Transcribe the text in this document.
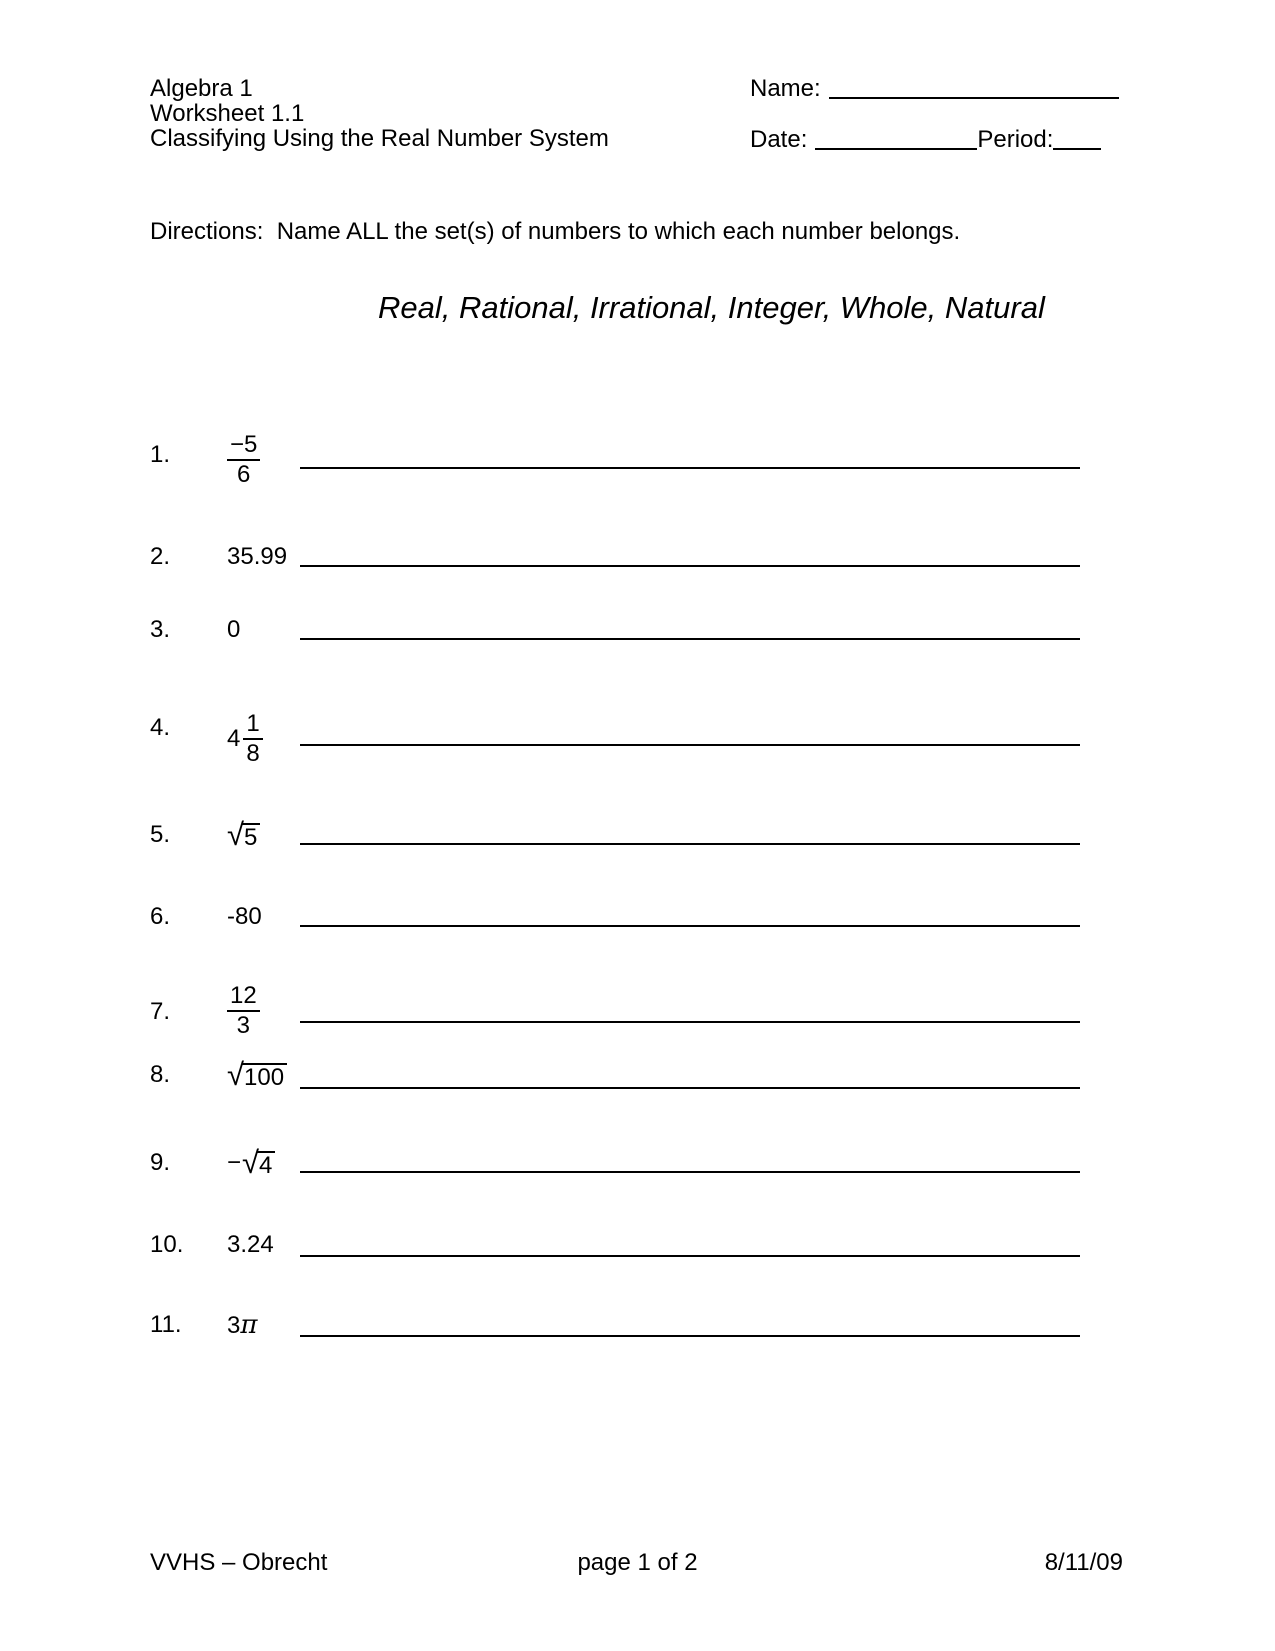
Algebra 1
Worksheet 1.1
Classifying Using the Real Number System
Name:
Date:	Period:
Directions:  Name ALL the set(s) of numbers to which each number belongs.
Real, Rational, Irrational, Integer, Whole, Natural
1.	$\frac{-5}{6}$
2.	35.99
3.	0
4.	$4 \frac{1}{8}$
5.	√ 5
6.	-80
7.	$\frac{12}{3}$
8.	√ 100
9.	− √ 4
10.	3.24
11.	3π
VVHS – Obrecht	page 1 of 2	8/11/09
